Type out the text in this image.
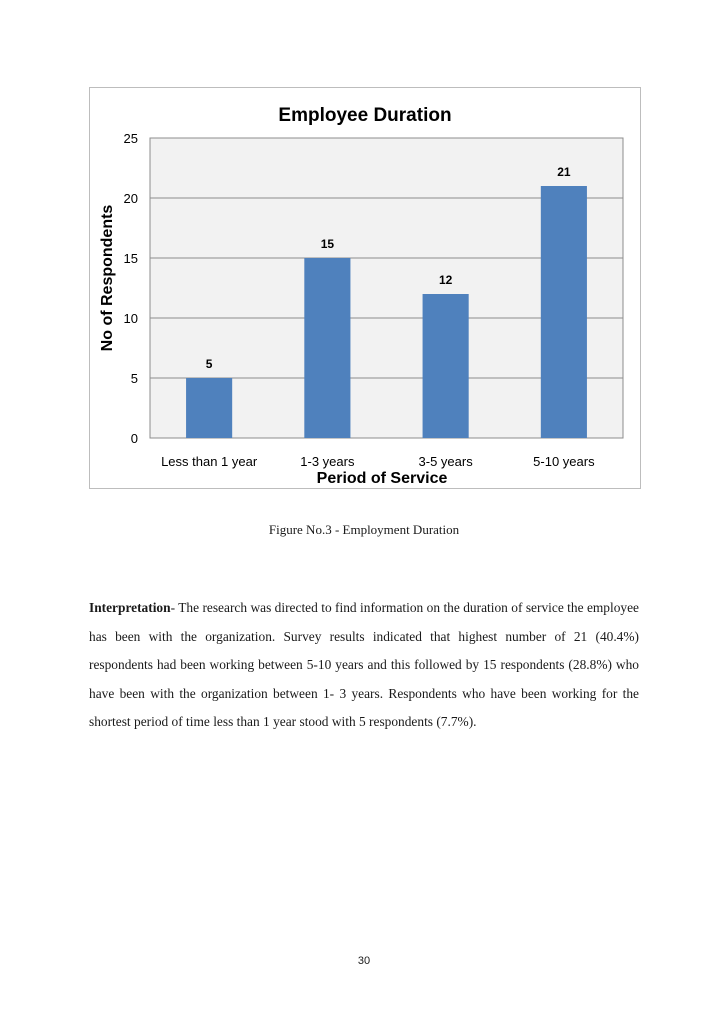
0
5
10
15
20
25
Less than 1 year	1-3 years	3-5 years	5-10 years
5
15
12
21
Employee Duration
Period of Service
No of Respondents
Figure No.3 - Employment Duration

Interpretation- The research was directed to find information on the duration of service the employee has been with the organization. Survey results indicated that highest number of 21 (40.4%) respondents had been working between 5-10 years and this followed by 15 respondents (28.8%) who have been with the organization between 1- 3 years. Respondents who have been working for the shortest period of time less than 1 year stood with 5 respondents (7.7%).

30
